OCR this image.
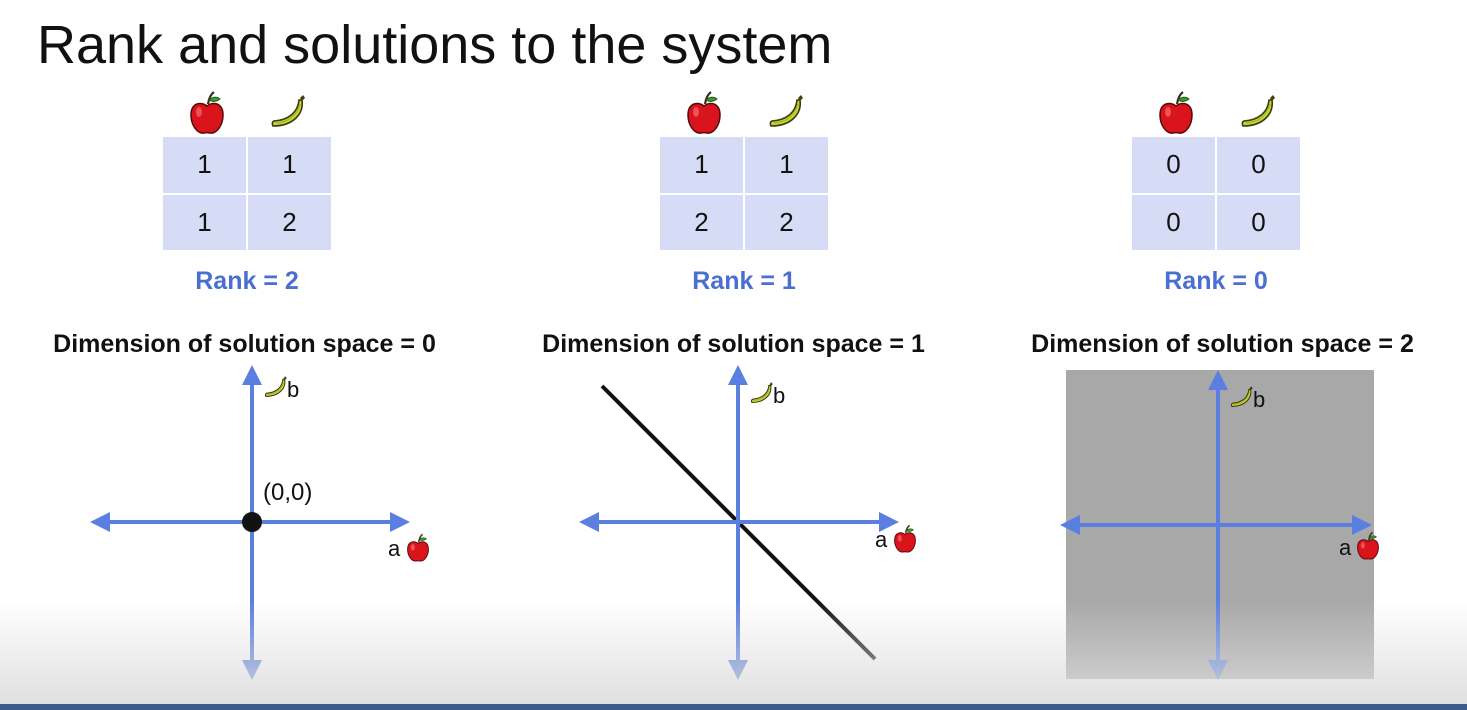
Rank and solutions to the system
1	1
1	2
Rank = 2
Dimension of solution space = 0
(0,0)
b
a
1	1
2	2
Rank = 1
Dimension of solution space = 1
b
a
0	0
0	0
Rank = 0
Dimension of solution space = 2
b
a
